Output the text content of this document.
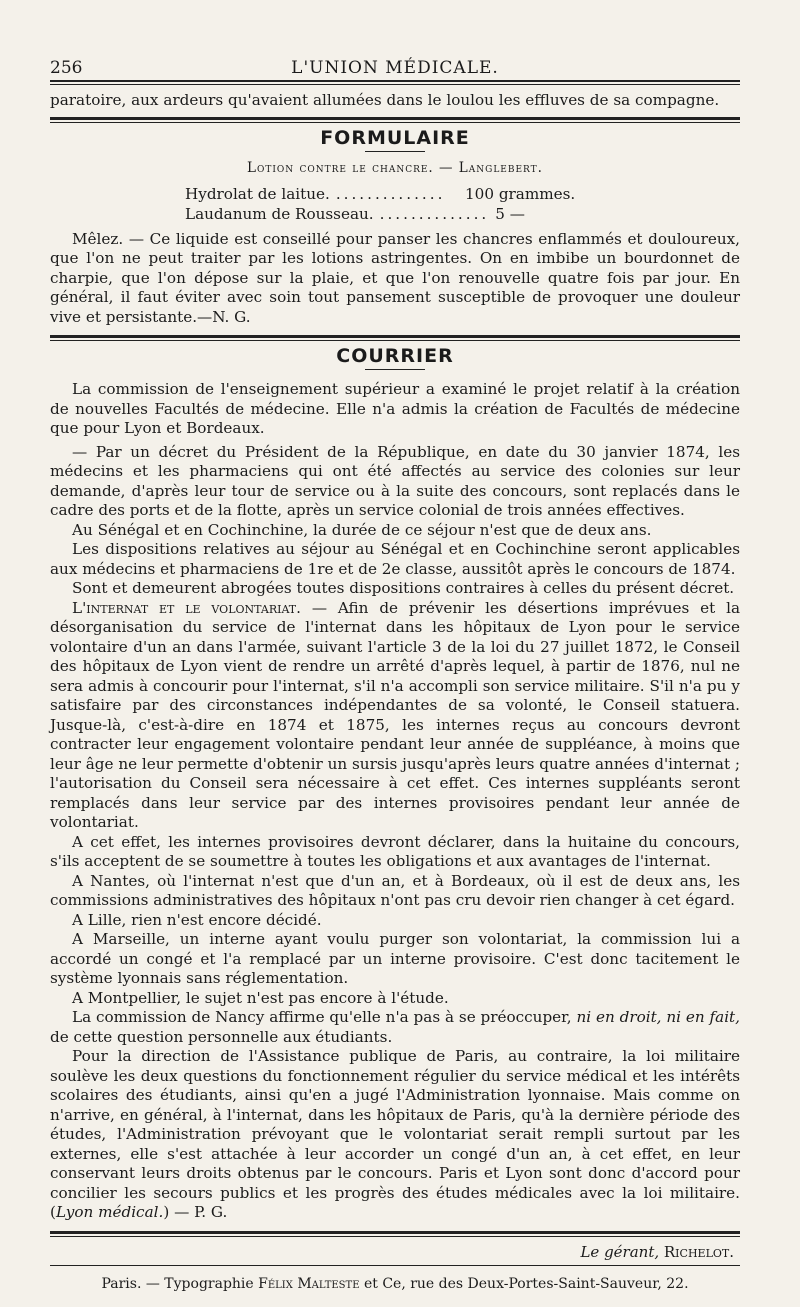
256	L'UNION MÉDICALE.

paratoire, aux ardeurs qu'avaient allumées dans le loulou les effluves de sa compagne.

FORMULAIRE
Lotion contre le chancre. — Langlebert.
Hydrolat de laitue. ..............	100 grammes.
Laudanum de Rousseau. .............. 5 —

Mêlez. — Ce liquide est conseillé pour panser les chancres enflammés et douloureux, que l'on ne peut traiter par les lotions astringentes. On en imbibe un bourdonnet de charpie, que l'on dépose sur la plaie, et que l'on renouvelle quatre fois par jour. En général, il faut éviter avec soin tout pansement susceptible de provoquer une douleur vive et persistante.—N. G.

COURRIER

La commission de l'enseignement supérieur a examiné le projet relatif à la création de nouvelles Facultés de médecine. Elle n'a admis la création de Facultés de médecine que pour Lyon et Bordeaux.

— Par un décret du Président de la République, en date du 30 janvier 1874, les médecins et les pharmaciens qui ont été affectés au service des colonies sur leur demande, d'après leur tour de service ou à la suite des concours, sont replacés dans le cadre des ports et de la flotte, après un service colonial de trois années effectives.

Au Sénégal et en Cochinchine, la durée de ce séjour n'est que de deux ans.

Les dispositions relatives au séjour au Sénégal et en Cochinchine seront applicables aux médecins et pharmaciens de 1re et de 2e classe, aussitôt après le concours de 1874.

Sont et demeurent abrogées toutes dispositions contraires à celles du présent décret.

L'internat et le volontariat. — Afin de prévenir les désertions imprévues et la désorganisation du service de l'internat dans les hôpitaux de Lyon pour le service volontaire d'un an dans l'armée, suivant l'article 3 de la loi du 27 juillet 1872, le Conseil des hôpitaux de Lyon vient de rendre un arrêté d'après lequel, à partir de 1876, nul ne sera admis à concourir pour l'internat, s'il n'a accompli son service militaire. S'il n'a pu y satisfaire par des circonstances indépendantes de sa volonté, le Conseil statuera. Jusque-là, c'est-à-dire en 1874 et 1875, les internes reçus au concours devront contracter leur engagement volontaire pendant leur année de suppléance, à moins que leur âge ne leur permette d'obtenir un sursis jusqu'après leurs quatre années d'internat ; l'autorisation du Conseil sera nécessaire à cet effet. Ces internes suppléants seront remplacés dans leur service par des internes provisoires pendant leur année de volontariat.

A cet effet, les internes provisoires devront déclarer, dans la huitaine du concours, s'ils acceptent de se soumettre à toutes les obligations et aux avantages de l'internat.

A Nantes, où l'internat n'est que d'un an, et à Bordeaux, où il est de deux ans, les commissions administratives des hôpitaux n'ont pas cru devoir rien changer à cet égard.

A Lille, rien n'est encore décidé.

A Marseille, un interne ayant voulu purger son volontariat, la commission lui a accordé un congé et l'a remplacé par un interne provisoire. C'est donc tacitement le système lyonnais sans réglementation.

A Montpellier, le sujet n'est pas encore à l'étude.

La commission de Nancy affirme qu'elle n'a pas à se préoccuper, ni en droit, ni en fait, de cette question personnelle aux étudiants.

Pour la direction de l'Assistance publique de Paris, au contraire, la loi militaire soulève les deux questions du fonctionnement régulier du service médical et les intérêts scolaires des étudiants, ainsi qu'en a jugé l'Administration lyonnaise. Mais comme on n'arrive, en général, à l'internat, dans les hôpitaux de Paris, qu'à la dernière période des études, l'Administration prévoyant que le volontariat serait rempli surtout par les externes, elle s'est attachée à leur accorder un congé d'un an, à cet effet, en leur conservant leurs droits obtenus par le concours. Paris et Lyon sont donc d'accord pour concilier les secours publics et les progrès des études médicales avec la loi militaire. (Lyon médical.) — P. G.

Le gérant, Richelot.
Paris. — Typographie Félix Malteste et Ce, rue des Deux-Portes-Saint-Sauveur, 22.
